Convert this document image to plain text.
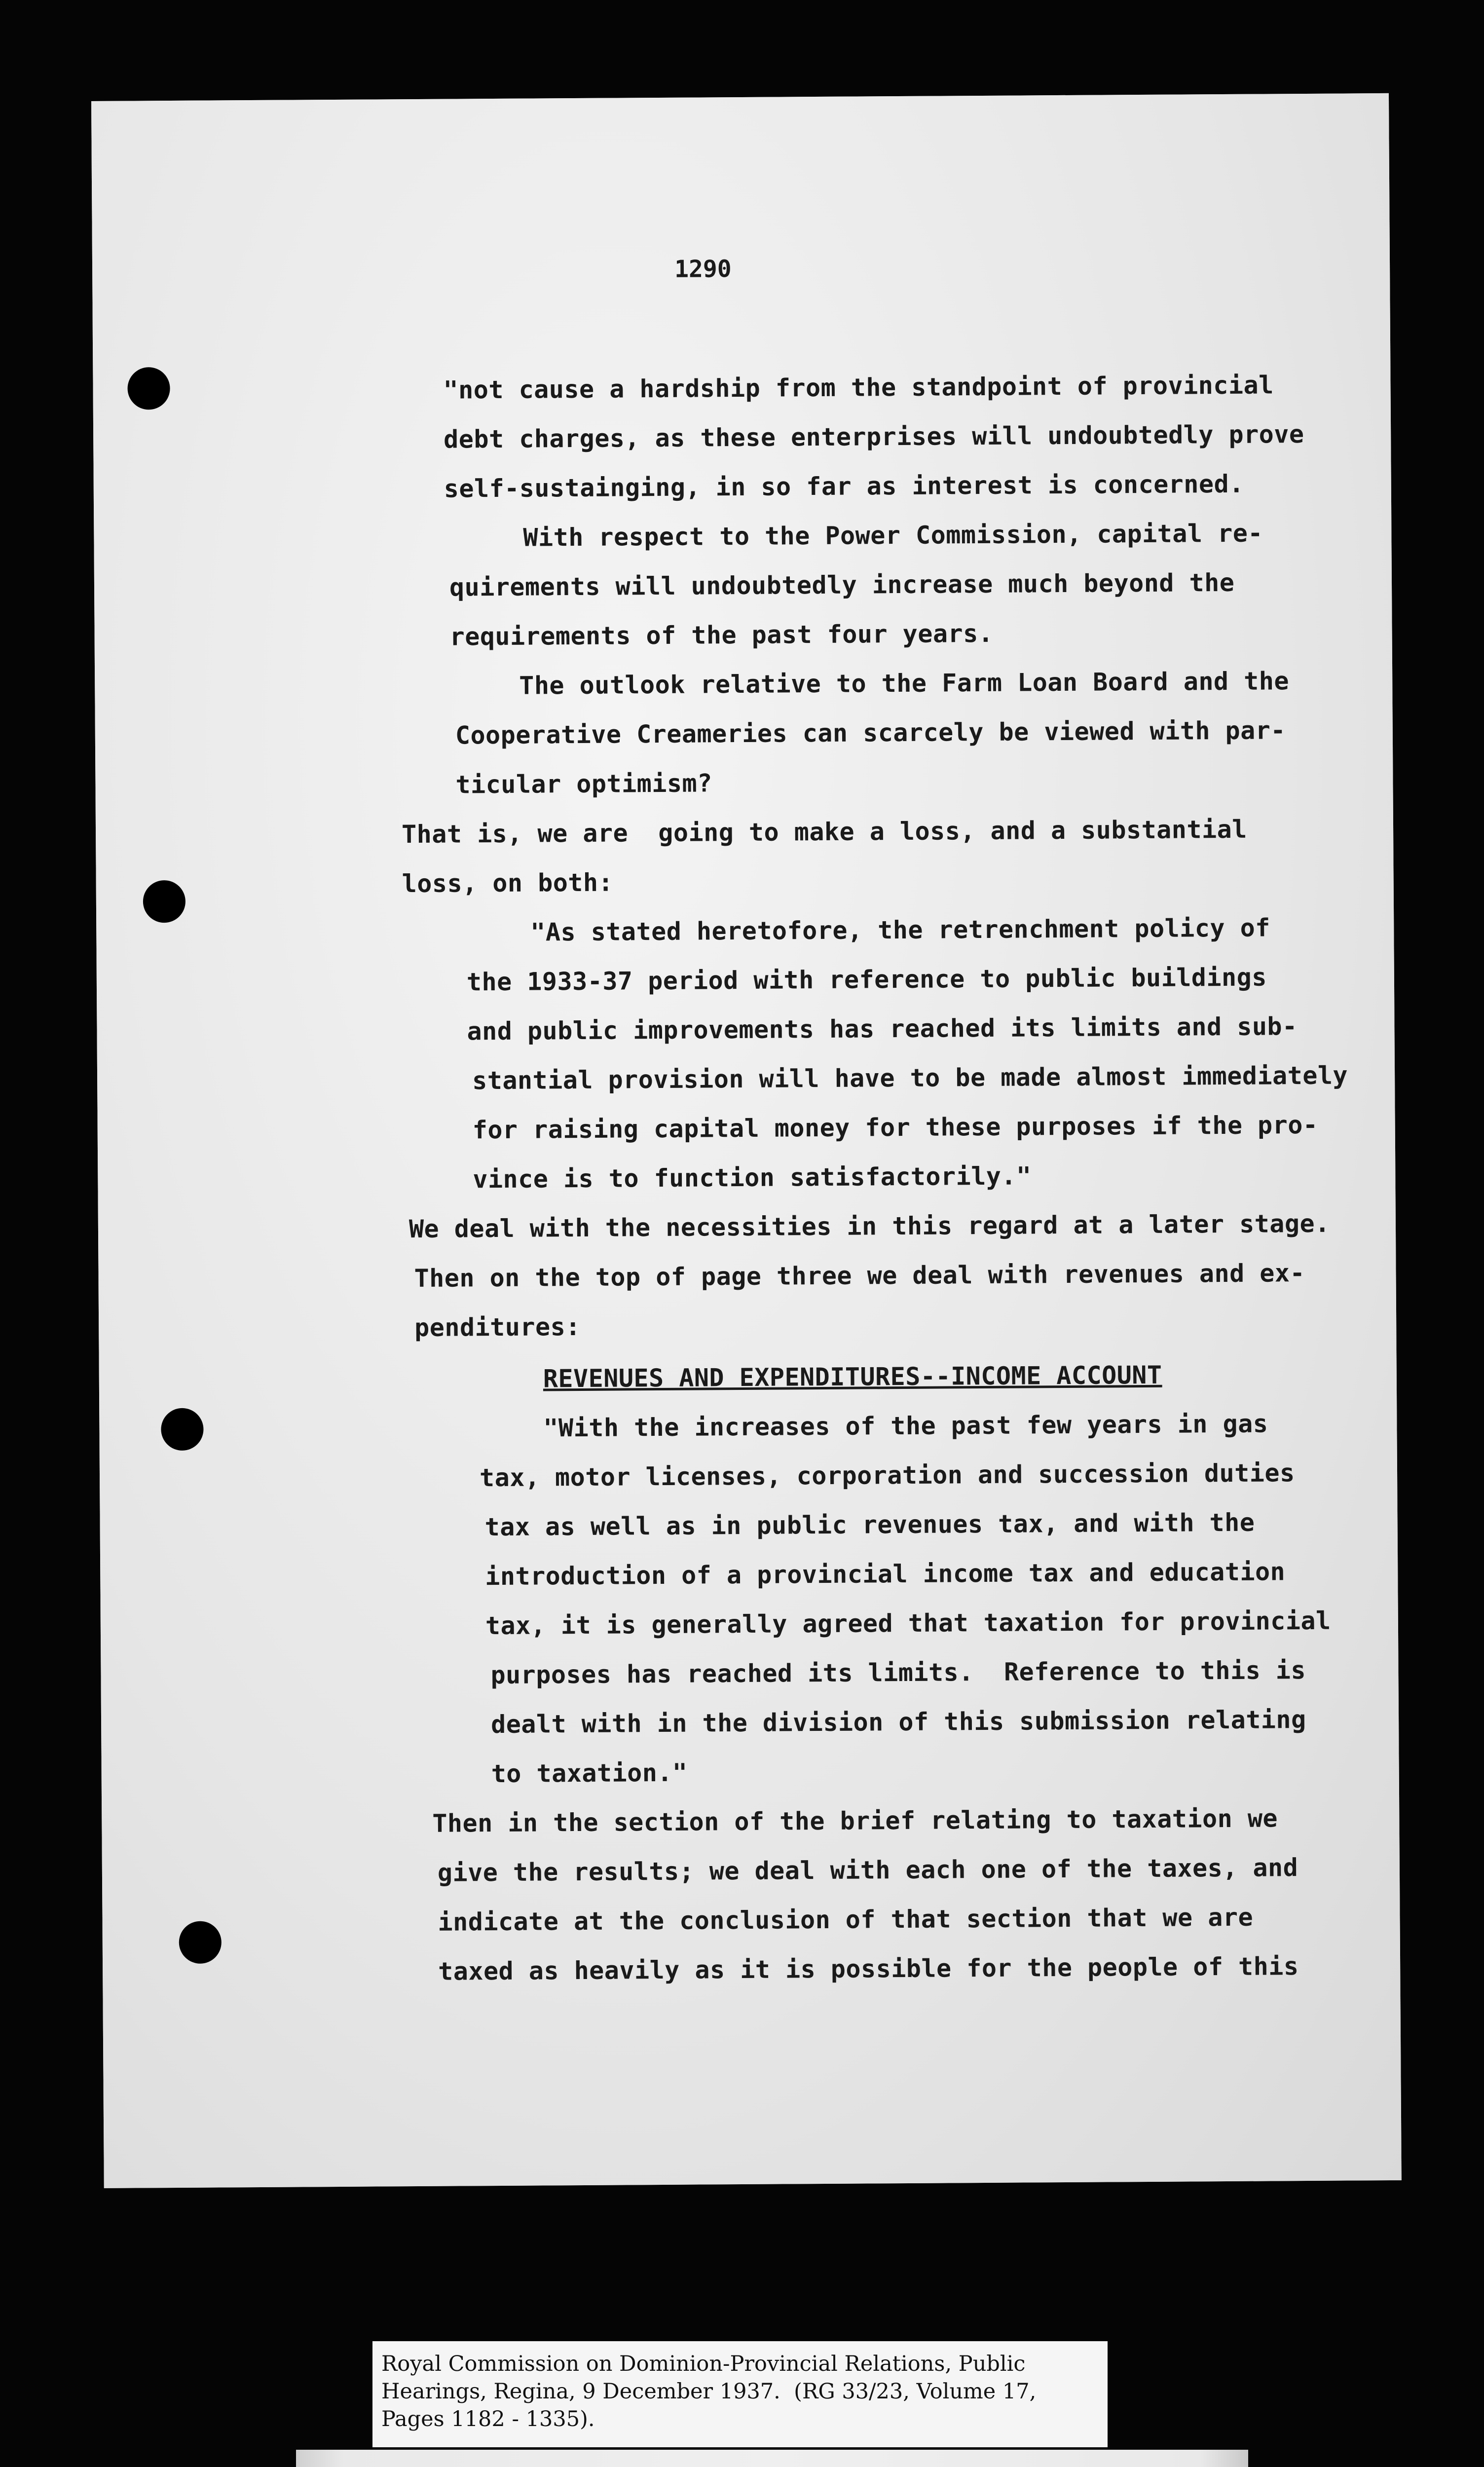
1290

"not cause a hardship from the standpoint of provincial

debt charges, as these enterprises will undoubtedly prove

self-sustainging, in so far as interest is concerned.

With respect to the Power Commission, capital re-

quirements will undoubtedly increase much beyond the

requirements of the past four years.

The outlook relative to the Farm Loan Board and the

Cooperative Creameries can scarcely be viewed with par-

ticular optimism?

That is, we are  going to make a loss, and a substantial

loss, on both:

"As stated heretofore, the retrenchment policy of

the 1933-37 period with reference to public buildings

and public improvements has reached its limits and sub-

stantial provision will have to be made almost immediately

for raising capital money for these purposes if the pro-

vince is to function satisfactorily."

We deal with the necessities in this regard at a later stage.

Then on the top of page three we deal with revenues and ex-

penditures:

REVENUES AND EXPENDITURES--INCOME ACCOUNT

"With the increases of the past few years in gas

tax, motor licenses, corporation and succession duties

tax as well as in public revenues tax, and with the

introduction of a provincial income tax and education

tax, it is generally agreed that taxation for provincial

purposes has reached its limits.  Reference to this is

dealt with in the division of this submission relating

to taxation."

Then in the section of the brief relating to taxation we

give the results; we deal with each one of the taxes, and

indicate at the conclusion of that section that we are

taxed as heavily as it is possible for the people of this

Royal Commission on Dominion-Provincial Relations, Public
Hearings, Regina, 9 December 1937.  (RG 33/23, Volume 17,
Pages 1182 - 1335).
